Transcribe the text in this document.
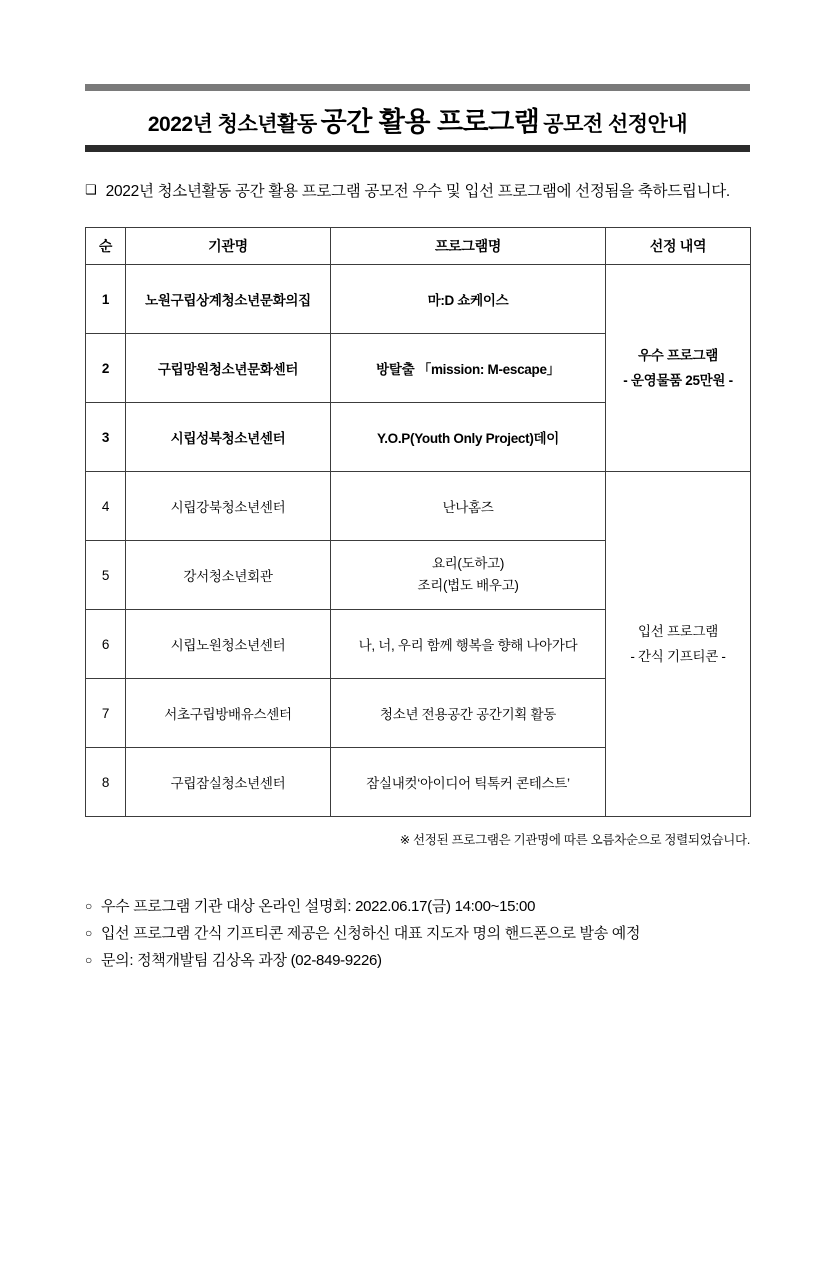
2022년 청소년활동 공간 활용 프로그램 공모전 선정안내
❑ 2022년 청소년활동 공간 활용 프로그램 공모전 우수 및 입선 프로그램에 선정됨을 축하드립니다.
순	기관명	프로그램명	선정 내역
1	노원구립상계청소년문화의집	마:D 쇼케이스	우수 프로그램
- 운영물품 25만원 -
2	구립망원청소년문화센터	방탈출 「mission: M-escape」	
3	시립성북청소년센터	Y.O.P(Youth Only Project)데이	
4	시립강북청소년센터	난나홈즈	입선 프로그램
- 간식 기프티콘 -
5	강서청소년회관	요리(도하고)
조리(법도 배우고)	
6	시립노원청소년센터	나, 너, 우리 함께 행복을 향해 나아가다	
7	서초구립방배유스센터	청소년 전용공간 공간기획 활동	
8	구립잠실청소년센터	잠실내컷‘아이디어 틱톡커 콘테스트’	
※ 선정된 프로그램은 기관명에 따른 오름차순으로 정렬되었습니다.
○ 우수 프로그램 기관 대상 온라인 설명회: 2022.06.17(금) 14:00~15:00
○ 입선 프로그램 간식 기프티콘 제공은 신청하신 대표 지도자 명의 핸드폰으로 발송 예정
○ 문의: 정책개발팀 김상옥 과장 (02-849-9226)
